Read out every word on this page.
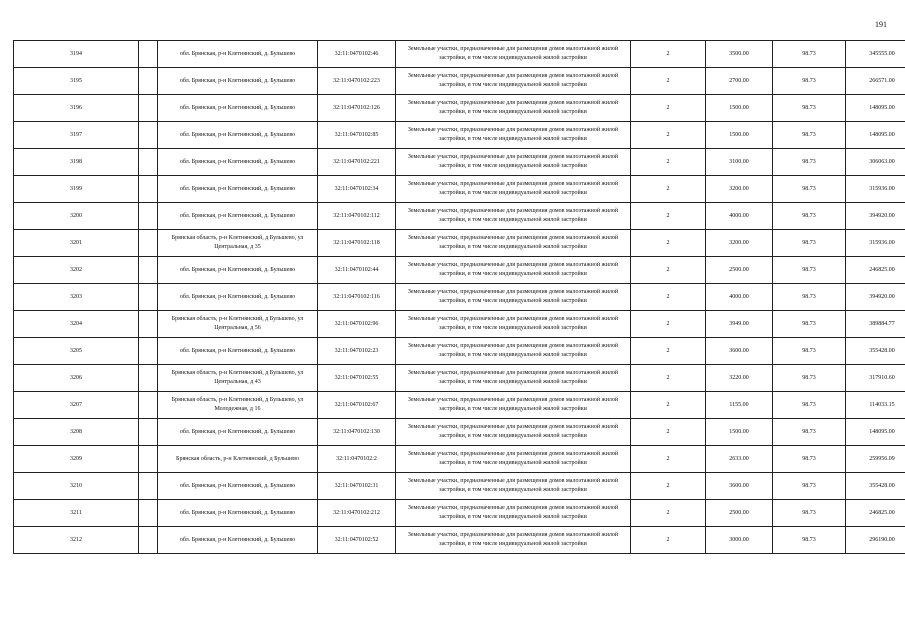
191
3194		обл. Брянская, р-н Клетнянский, д. Бульшево	32:11:0470102:46	Земельные участки, предназначенные для размещения домов малоэтажной жилой застройки, в том числе индивидуальной жилой застройки	2	3500.00	98.73	345555.00
3195		обл. Брянская, р-н Клетнянский, д. Бульшево	32:11:0470102:223	Земельные участки, предназначенные для размещения домов малоэтажной жилой застройки, в том числе индивидуальной жилой застройки	2	2700.00	98.73	266571.00
3196		обл. Брянская, р-н Клетнянский, д. Бульшево	32:11:0470102:126	Земельные участки, предназначенные для размещения домов малоэтажной жилой застройки, в том числе индивидуальной жилой застройки	2	1500.00	98.73	148095.00
3197		обл. Брянская, р-н Клетнянский, д. Бульшево	32:11:0470102:85	Земельные участки, предназначенные для размещения домов малоэтажной жилой застройки, в том числе индивидуальной жилой застройки	2	1500.00	98.73	148095.00
3198		обл. Брянская, р-н Клетнянский, д. Бульшево	32:11:0470102:221	Земельные участки, предназначенные для размещения домов малоэтажной жилой застройки, в том числе индивидуальной жилой застройки	2	3100.00	98.73	306063.00
3199		обл. Брянская, р-н Клетнянский, д. Бульшево	32:11:0470102:34	Земельные участки, предназначенные для размещения домов малоэтажной жилой застройки, в том числе индивидуальной жилой застройки	2	3200.00	98.73	315936.00
3200		обл. Брянская, р-н Клетнянский, д. Бульшево	32:11:0470102:112	Земельные участки, предназначенные для размещения домов малоэтажной жилой застройки, в том числе индивидуальной жилой застройки	2	4000.00	98.73	394920.00
3201		Брянская область, р-н Клетнянский, д Бульшево, ул Центральная, д 35	32:11:0470102:118	Земельные участки, предназначенные для размещения домов малоэтажной жилой застройки, в том числе индивидуальной жилой застройки	2	3200.00	98.73	315936.00
3202		обл. Брянская, р-н Клетнянский, д. Бульшево	32:11:0470102:44	Земельные участки, предназначенные для размещения домов малоэтажной жилой застройки, в том числе индивидуальной жилой застройки	2	2500.00	98.73	246825.00
3203		обл. Брянская, р-н Клетнянский, д. Бульшево	32:11:0470102:116	Земельные участки, предназначенные для размещения домов малоэтажной жилой застройки, в том числе индивидуальной жилой застройки	2	4000.00	98.73	394920.00
3204		Брянская область, р-н Клетнянский, д Бульшево, ул Центральная, д 56	32:11:0470102:96	Земельные участки, предназначенные для размещения домов малоэтажной жилой застройки, в том числе индивидуальной жилой застройки	2	3949.00	98.73	389884.77
3205		обл. Брянская, р-н Клетнянский, д. Бульшево	32:11:0470102:23	Земельные участки, предназначенные для размещения домов малоэтажной жилой застройки, в том числе индивидуальной жилой застройки	2	3600.00	98.73	355428.00
3206		Брянская область, р-н Клетнянский, д Бульшево, ул Центральная, д 43	32:11:0470102:55	Земельные участки, предназначенные для размещения домов малоэтажной жилой застройки, в том числе индивидуальной жилой застройки	2	3220.00	98.73	317910.60
3207		Брянская область, р-н Клетнянский, д Бульшево, ул Молодежная, д 16	32:11:0470102:67	Земельные участки, предназначенные для размещения домов малоэтажной жилой застройки, в том числе индивидуальной жилой застройки	2	1155.00	98.73	114033.15
3208		обл. Брянская, р-н Клетнянский, д. Бульшево	32:11:0470102:130	Земельные участки, предназначенные для размещения домов малоэтажной жилой застройки, в том числе индивидуальной жилой застройки	2	1500.00	98.73	148095.00
3209		Брянская область, р-н Клетнянский, д Бульшево	32:11:0470102:2	Земельные участки, предназначенные для размещения домов малоэтажной жилой застройки, в том числе индивидуальной жилой застройки	2	2633.00	98.73	259956.09
3210		обл. Брянская, р-н Клетнянский, д. Бульшево	32:11:0470102:31	Земельные участки, предназначенные для размещения домов малоэтажной жилой застройки, в том числе индивидуальной жилой застройки	2	3600.00	98.73	355428.00
3211		обл. Брянская, р-н Клетнянский, д. Бульшево	32:11:0470102:212	Земельные участки, предназначенные для размещения домов малоэтажной жилой застройки, в том числе индивидуальной жилой застройки	2	2500.00	98.73	246825.00
3212		обл. Брянская, р-н Клетнянский, д. Бульшево	32:11:0470102:52	Земельные участки, предназначенные для размещения домов малоэтажной жилой застройки, в том числе индивидуальной жилой застройки	2	3000.00	98.73	296190.00
